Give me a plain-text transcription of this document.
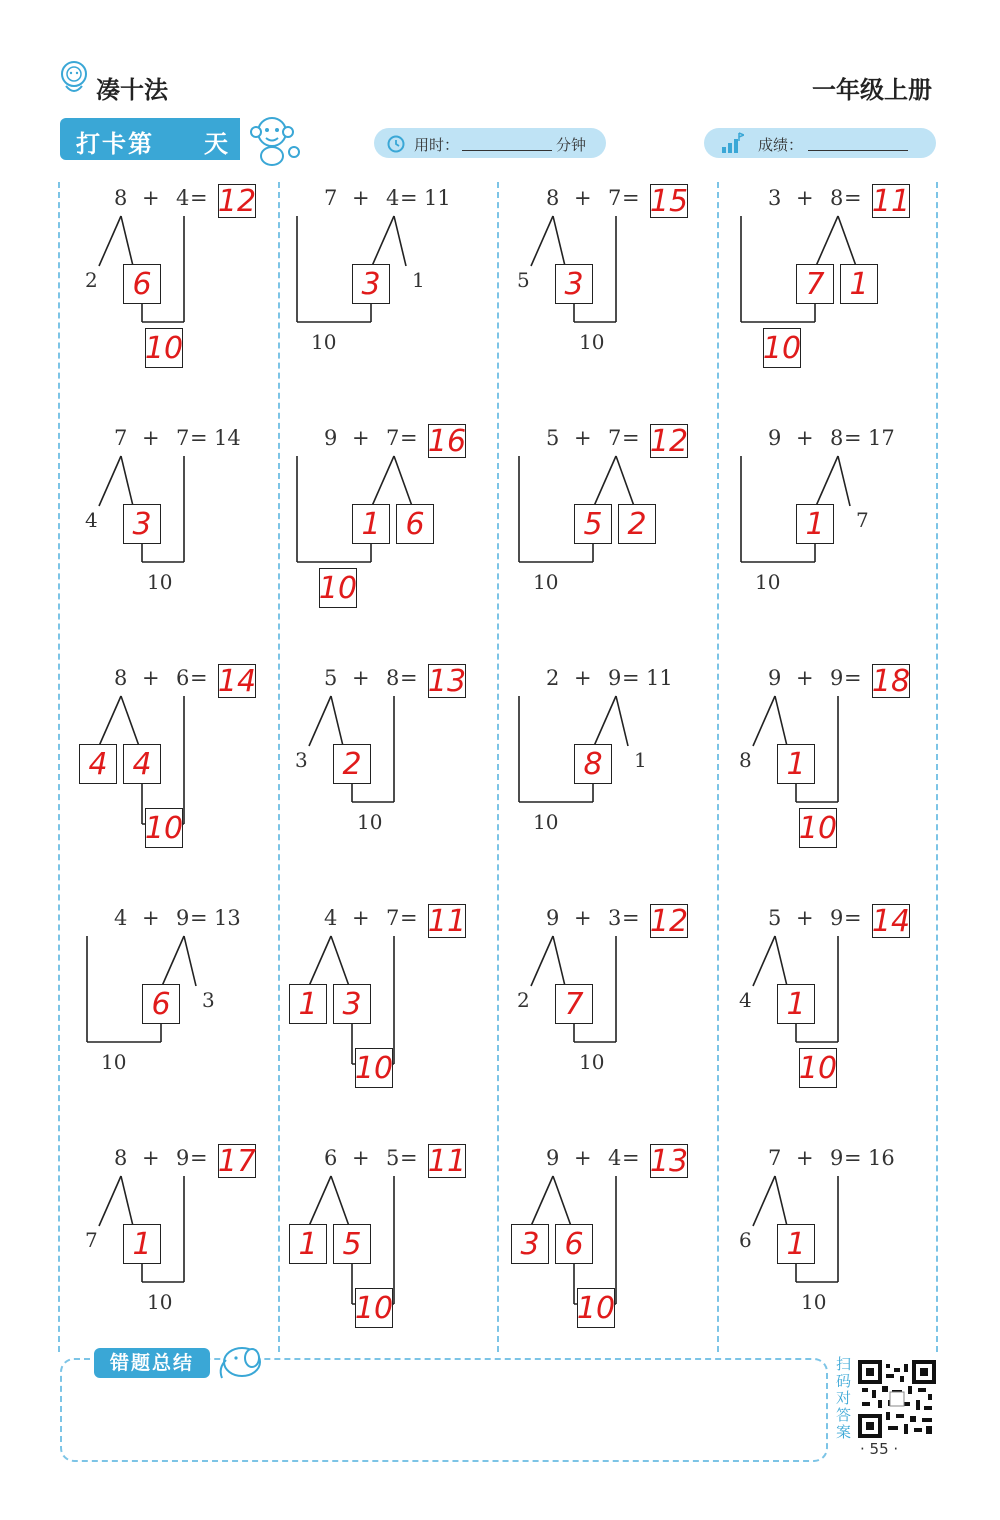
凑十法	一年级上册
打卡第 天	用时：	分钟	成绩：
8 + 4 = 12
2	6
10
7 + 4 = 11
3	1
10
8 + 7 = 15
5	3
10
3 + 8 = 11
7 1
10
7 + 7 = 14
4	3
10
9 + 7 = 16
1 6
10
5 + 7 = 12
5 2
10
9 + 8 = 17
1	7
10
8 + 6 = 14
4 4
10
5 + 8 = 13
3	2
10
2 + 9 = 11
8	1
10
9 + 9 = 18
8	1
10
4 + 9 = 13
6	3
10
4 + 7 = 11
1 3
10
9 + 3 = 12
2	7
10
5 + 9 = 14
4	1
10
8 + 9 = 17
7	1
10
6 + 5 = 11
1 5
10
9 + 4 = 13
3 6
10
7 + 9 = 16
6	1
10
错题总结	扫码对答案
· 55 ·
